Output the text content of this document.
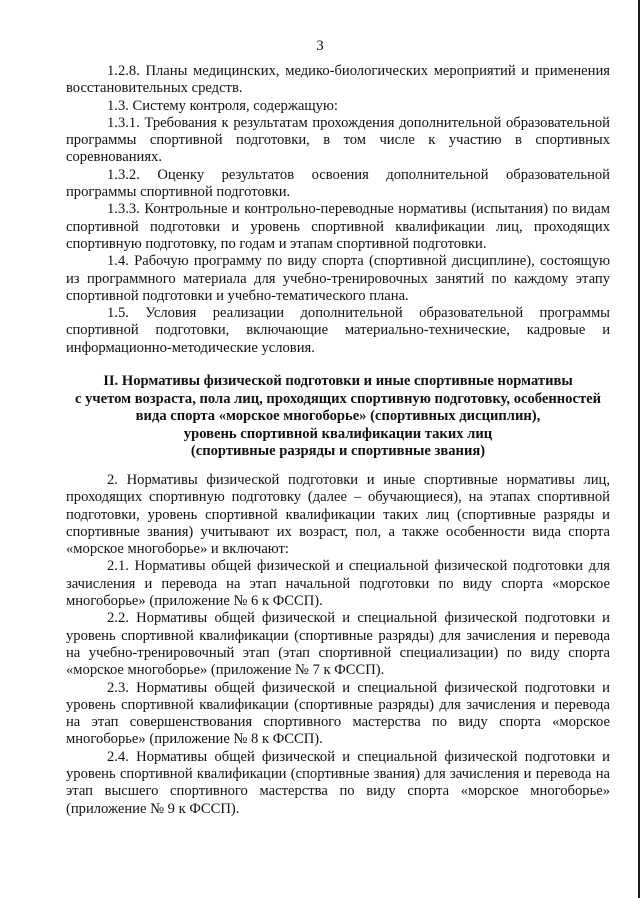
3

1.2.8. Планы медицинских, медико-биологических мероприятий и применения восстановительных средств.

1.3. Систему контроля, содержащую:

1.3.1. Требования к результатам прохождения дополнительной образовательной программы спортивной подготовки, в том числе к участию в спортивных соревнованиях.

1.3.2. Оценку результатов освоения дополнительной образовательной программы спортивной подготовки.

1.3.3. Контрольные и контрольно-переводные нормативы (испытания) по видам спортивной подготовки и уровень спортивной квалификации лиц, проходящих спортивную подготовку, по годам и этапам спортивной подготовки.

1.4. Рабочую программу по виду спорта (спортивной дисциплине), состоящую из программного материала для учебно-тренировочных занятий по каждому этапу спортивной подготовки и учебно-тематического плана.

1.5. Условия реализации дополнительной образовательной программы спортивной подготовки, включающие материально-технические, кадровые и информационно-методические условия.

II. Нормативы физической подготовки и иные спортивные нормативы
с учетом возраста, пола лиц, проходящих спортивную подготовку, особенностей
вида спорта «морское многоборье» (спортивных дисциплин),
уровень спортивной квалификации таких лиц
(спортивные разряды и спортивные звания)

2. Нормативы физической подготовки и иные спортивные нормативы лиц, проходящих спортивную подготовку (далее – обучающиеся), на этапах спортивной подготовки, уровень спортивной квалификации таких лиц (спортивные разряды и спортивные звания) учитывают их возраст, пол, а также особенности вида спорта «морское многоборье» и включают:

2.1. Нормативы общей физической и специальной физической подготовки для зачисления и перевода на этап начальной подготовки по виду спорта «морское многоборье» (приложение № 6 к ФССП).

2.2. Нормативы общей физической и специальной физической подготовки и уровень спортивной квалификации (спортивные разряды) для зачисления и перевода на учебно-тренировочный этап (этап спортивной специализации) по виду спорта «морское многоборье» (приложение № 7 к ФССП).

2.3. Нормативы общей физической и специальной физической подготовки и уровень спортивной квалификации (спортивные разряды) для зачисления и перевода на этап совершенствования спортивного мастерства по виду спорта «морское многоборье» (приложение № 8 к ФССП).

2.4. Нормативы общей физической и специальной физической подготовки и уровень спортивной квалификации (спортивные звания) для зачисления и перевода на этап высшего спортивного мастерства по виду спорта «морское многоборье» (приложение № 9 к ФССП).
